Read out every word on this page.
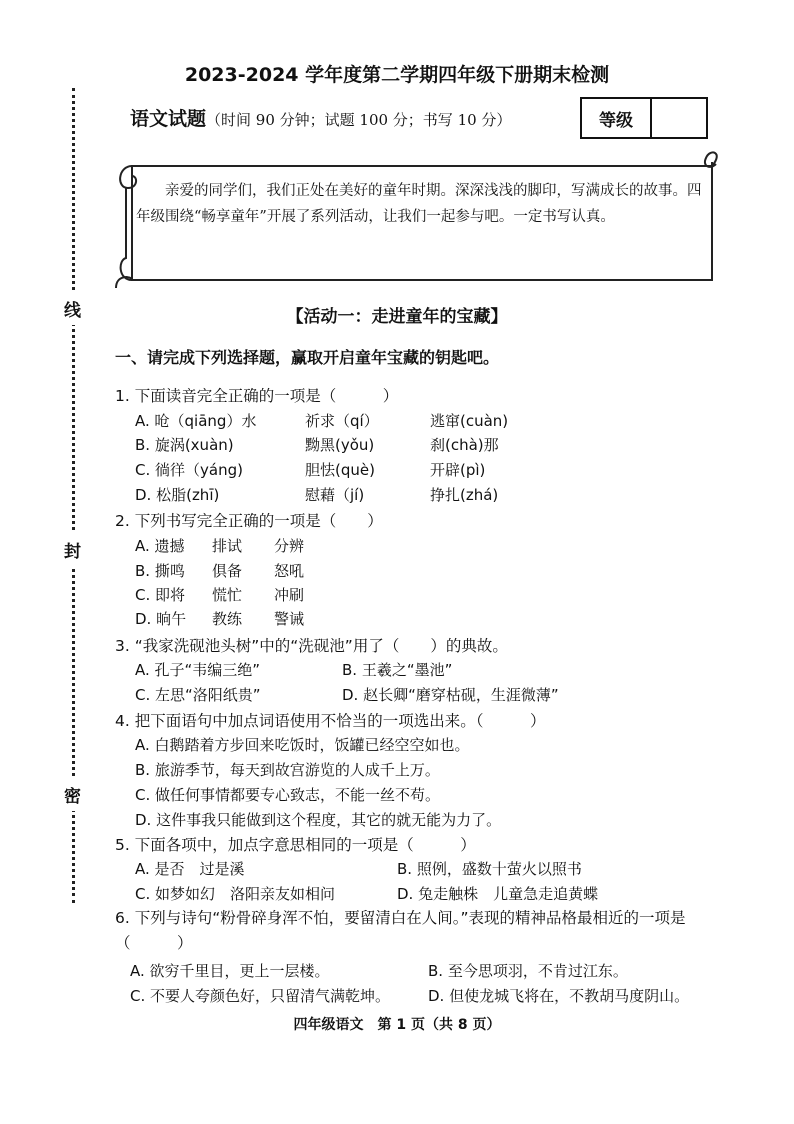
2023-2024 学年度第二学期四年级下册期末检测
语文试题（时间 90 分钟；试题 100 分；书写 10 分）	等级
线
封
密
亲爱的同学们，我们正处在美好的童年时期。深深浅浅的脚印，写满成长的故事。四年级围绕“畅享童年”开展了系列活动，让我们一起参与吧。一定书写认真。
【活动一：走进童年的宝藏】
一、请完成下列选择题，赢取开启童年宝藏的钥匙吧。
1. 下面读音完全正确的一项是（　　　）
A. 呛（qiāng）水	祈求（qí）	逃窜(cuàn)
B. 旋涡(xuàn)	黝黑(yǒu)	刹(chà)那
C. 徜徉（yáng)	胆怯(què)	开辟(pì)
D. 松脂(zhī)	慰藉（jí)	挣扎(zhá)
2. 下列书写完全正确的一项是（　　）
A. 遗撼 排试 分辨
B. 撕鸣 俱备 怒吼
C. 即将 慌忙 冲刷
D. 晌午 教练 警诫
3. “我家洗砚池头树”中的“洗砚池”用了（　　）的典故。
A. 孔子“韦编三绝”	B. 王羲之“墨池”
C. 左思“洛阳纸贵”	D. 赵长卿“磨穿枯砚，生涯微薄”
4. 把下面语句中加点词语使用不恰当的一项选出来。（　　　）
A. 白鹅踏着方步回来吃饭时，饭罐已经空空如也。
B. 旅游季节，每天到故宫游览的人成千上万。
C. 做任何事情都要专心致志，不能一丝不苟。
D. 这件事我只能做到这个程度，其它的就无能为力了。
5. 下面各项中，加点字意思相同的一项是（　　　）
A. 是否　过是溪	B. 照例，盛数十萤火以照书
C. 如梦如幻　洛阳亲友如相问	D. 兔走触株　儿童急走追黄蝶
6. 下列与诗句“粉骨碎身浑不怕，要留清白在人间。”表现的精神品格最相近的一项是（　　　）
A. 欲穷千里目，更上一层楼。	B. 至今思项羽，不肯过江东。
C. 不要人夸颜色好，只留清气满乾坤。	D. 但使龙城飞将在，不教胡马度阴山。
四年级语文　第 1 页（共 8 页）
